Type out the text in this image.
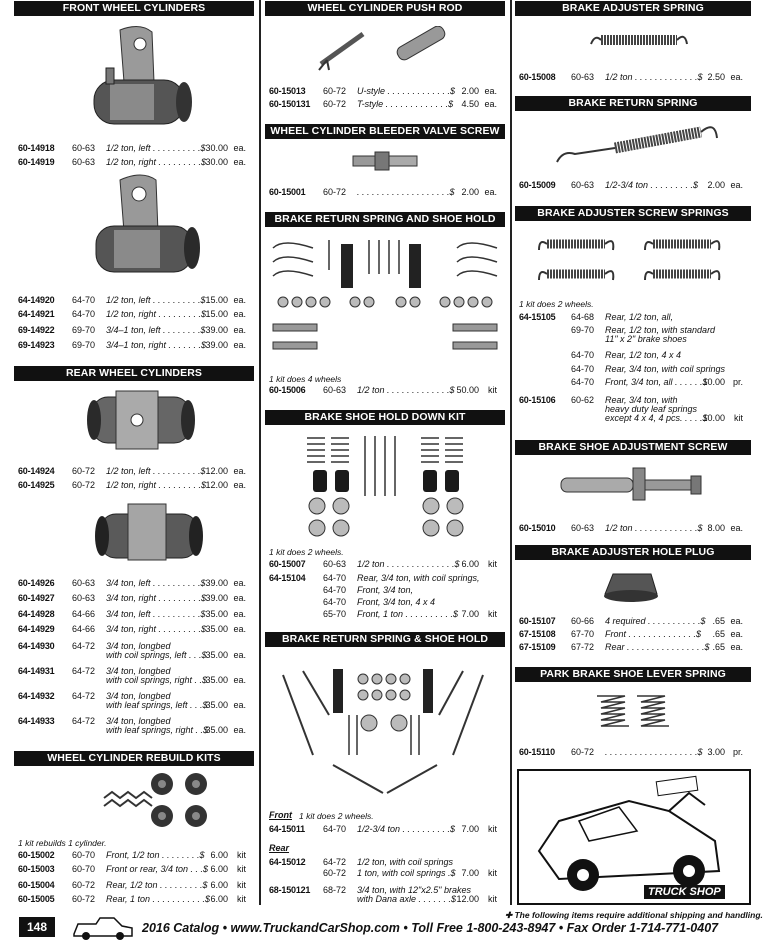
FRONT WHEEL CYLINDERS
REAR WHEEL CYLINDERS
WHEEL CYLINDER REBUILD KITS
60-14918 60-63 1/2 ton, left . . . . . . . . . .$ 30.00 ea.
60-14919 60-63 1/2 ton, right . . . . . . . . .$ 30.00 ea.
64-14920 64-70 1/2 ton, left . . . . . . . . . .$ 15.00 ea.
64-14921 64-70 1/2 ton, right . . . . . . . . .$ 15.00 ea.
69-14922 69-70 3/4–1 ton, left . . . . . . . .$ 39.00 ea.
69-14923 69-70 3/4–1 ton, right . . . . . . .$ 39.00 ea.
60-14924 60-72 1/2 ton, left . . . . . . . . . .$ 12.00 ea.
60-14925 60-72 1/2 ton, right . . . . . . . . .$ 12.00 ea.
60-14926 60-63 3/4 ton, left . . . . . . . . . .$ 39.00 ea.
60-14927 60-63 3/4 ton, right . . . . . . . . .$ 39.00 ea.
64-14928 64-66 3/4 ton, left . . . . . . . . . .$ 35.00 ea.
64-14929 64-66 3/4 ton, right . . . . . . . . .$ 35.00 ea.
64-14930 64-72 3/4 ton, longbed
with coil springs, left . . .$
35.00 ea.
64-14931 64-72 3/4 ton, longbed
with coil springs, right . .$
35.00 ea.
64-14932 64-72 3/4 ton, longbed
with leaf springs, left . . .$
35.00 ea.
64-14933 64-72 3/4 ton, longbed
with leaf springs, right . .$
35.00 ea.
60-15002 60-70 Front, 1/2 ton . . . . . . . .$ 6.00 kit
60-15003 60-70 Front or rear, 3/4 ton . . .$ 6.00 kit
60-15004 60-72 Rear, 1/2 ton . . . . . . . . .$ 6.00 kit
60-15005 60-72 Rear, 1 ton . . . . . . . . . . .$ 6.00 kit
1 kit rebuilds 1 cylinder.
WHEEL CYLINDER PUSH ROD
WHEEL CYLINDER BLEEDER VALVE SCREW
BRAKE RETURN SPRING AND SHOE HOLD DOWN KIT
BRAKE SHOE HOLD DOWN KIT
BRAKE RETURN SPRING & SHOE HOLD DOWN KITS
60-15013 60-72 U-style . . . . . . . . . . . . .$ 2.00 ea.
60-150131 60-72 T-style . . . . . . . . . . . . .$ 4.50 ea.
60-15001 60-72 . . . . . . . . . . . . . . . . . . .$ 2.00 ea.
60-15006 60-63 1/2 ton . . . . . . . . . . . . .$ 50.00 kit
60-15007 60-63 1/2 ton . . . . . . . . . . . . . .$ 6.00 kit
64-15104 64-70 Rear, 3/4 ton, with coil springs,
64-70 Front, 3/4 ton,
64-70 Front, 3/4 ton, 4 x 4
65-70 Front, 1 ton . . . . . . . . . .$ 7.00 kit
64-15011 64-70 1/2-3/4 ton . . . . . . . . . .$ 7.00 kit
64-15012 64-72 1/2 ton, with coil springs
60-72 1 ton, with coil springs .$ 7.00 kit
68-150121 68-72 3/4 ton, with 12"x2.5" brakes
with Dana axle . . . . . . .$ 12.00 kit
1 kit does 4 wheels
1 kit does 2 wheels.
Front
Rear
1 kit does 2 wheels.
BRAKE ADJUSTER SPRING
BRAKE RETURN SPRING
BRAKE ADJUSTER SCREW SPRINGS
BRAKE SHOE ADJUSTMENT SCREW
BRAKE ADJUSTER HOLE PLUG
PARK BRAKE SHOE LEVER SPRING
60-15008 60-63 1/2 ton . . . . . . . . . . . . .$ 2.50 ea.
60-15009 60-63 1/2-3/4 ton . . . . . . . . .$ 2.00 ea.
64-15105 64-68 Rear, 1/2 ton, all,
69-70 Rear, 1/2 ton, with standard
11" x 2" brake shoes
64-70 Rear, 1/2 ton, 4 x 4
64-70 Rear, 3/4 ton, with coil springs
64-70 Front, 3/4 ton, all . . . . . .$
10.00 pr.
60-15106 60-62 Rear, 3/4 ton, with
heavy duty leaf springs
except 4 x 4, 4 pcs. . . . .$
10.00 kit
60-15010 60-63 1/2 ton . . . . . . . . . . . . .$ 8.00 ea.
60-15107 60-66 4 required . . . . . . . . . . .$ .65 ea.
67-15108 67-70 Front . . . . . . . . . . . . . .$ .65 ea.
67-15109 67-72 Rear . . . . . . . . . . . . . . . .$ .65 ea.
60-15110 60-72 . . . . . . . . . . . . . . . . . . .$ 3.00 pr.
1 kit does 2 wheels.
TRUCK SHOP
✚ The following items require additional shipping and handling.
148	2016 Catalog • www.TruckandCarShop.com • Toll Free 1-800-243-8947 • Fax Order 1-714-771-0407
